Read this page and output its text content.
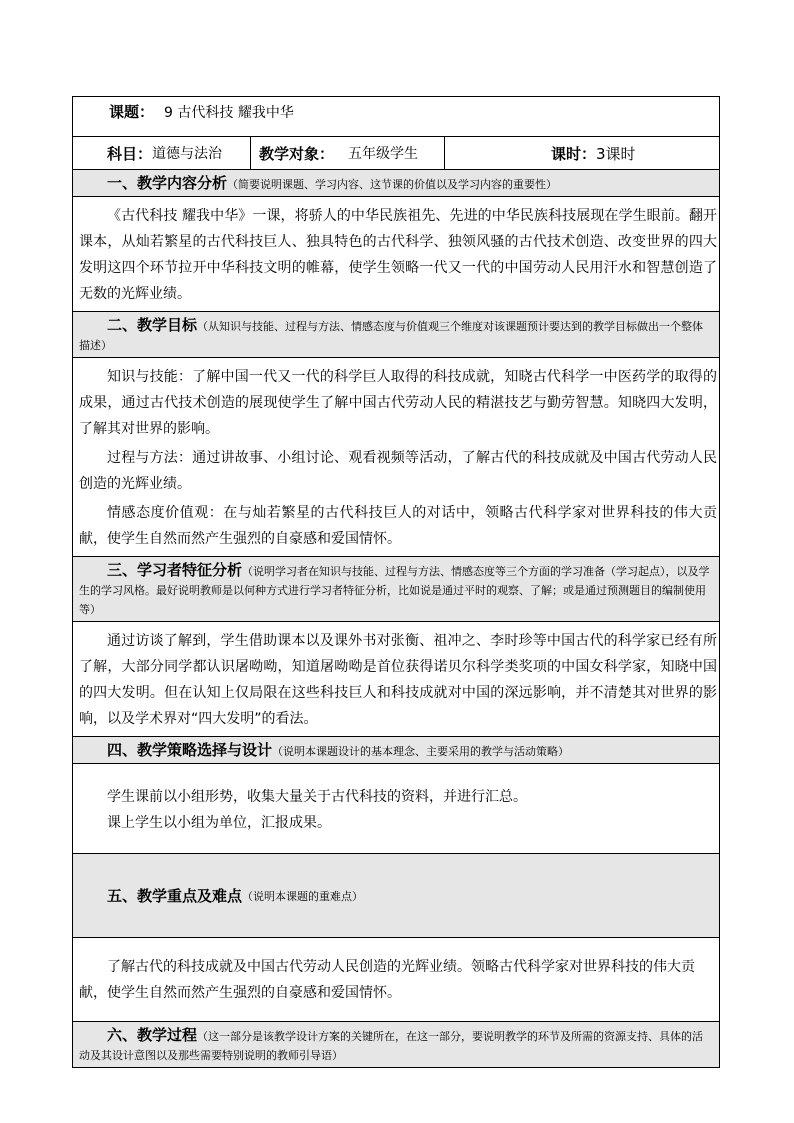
课题： 9 古代科技 耀我中华
科目： 道德与法治 教学对象： 五年级学生	课时： 3课时
一、教学内容分析（简要说明课题、学习内容、这节课的价值以及学习内容的重要性）

《古代科技 耀我中华》一课，将骄人的中华民族祖先、先进的中华民族科技展现在学生眼前。翻开课本，从灿若繁星的古代科技巨人、独具特色的古代科学、独领风骚的古代技术创造、改变世界的四大发明这四个环节拉开中华科技文明的帷幕，使学生领略一代又一代的中国劳动人民用汗水和智慧创造了无数的光辉业绩。

二、教学目标（从知识与技能、过程与方法、情感态度与价值观三个维度对该课题预计要达到的教学目标做出一个整体描述）

知识与技能：了解中国一代又一代的科学巨人取得的科技成就，知晓古代科学一中医药学的取得的成果，通过古代技术创造的展现使学生了解中国古代劳动人民的精湛技艺与勤劳智慧。知晓四大发明，了解其对世界的影响。

过程与方法：通过讲故事、小组讨论、观看视频等活动，了解古代的科技成就及中国古代劳动人民创造的光辉业绩。

情感态度价值观：在与灿若繁星的古代科技巨人的对话中，领略古代科学家对世界科技的伟大贡献，使学生自然而然产生强烈的自豪感和爱国情怀。

三、学习者特征分析（说明学习者在知识与技能、过程与方法、情感态度等三个方面的学习准备（学习起点），以及学生的学习风格。最好说明教师是以何种方式进行学习者特征分析，比如说是通过平时的观察、了解；或是通过预测题目的编制使用等）

通过访谈了解到，学生借助课本以及课外书对张衡、祖冲之、李时珍等中国古代的科学家已经有所了解，大部分同学都认识屠呦呦，知道屠呦呦是首位获得诺贝尔科学类奖项的中国女科学家，知晓中国的四大发明。但在认知上仅局限在这些科技巨人和科技成就对中国的深远影响，并不清楚其对世界的影响，以及学术界对“四大发明”的看法。

四、教学策略选择与设计（说明本课题设计的基本理念、主要采用的教学与活动策略）

学生课前以小组形势，收集大量关于古代科技的资料，并进行汇总。

课上学生以小组为单位，汇报成果。

五、教学重点及难点 （说明本课题的重难点）

了解古代的科技成就及中国古代劳动人民创造的光辉业绩。领略古代科学家对世界科技的伟大贡献，使学生自然而然产生强烈的自豪感和爱国情怀。

六、教学过程（这一部分是该教学设计方案的关键所在，在这一部分，要说明教学的环节及所需的资源支持、具体的活动及其设计意图以及那些需要特别说明的教师引导语）
